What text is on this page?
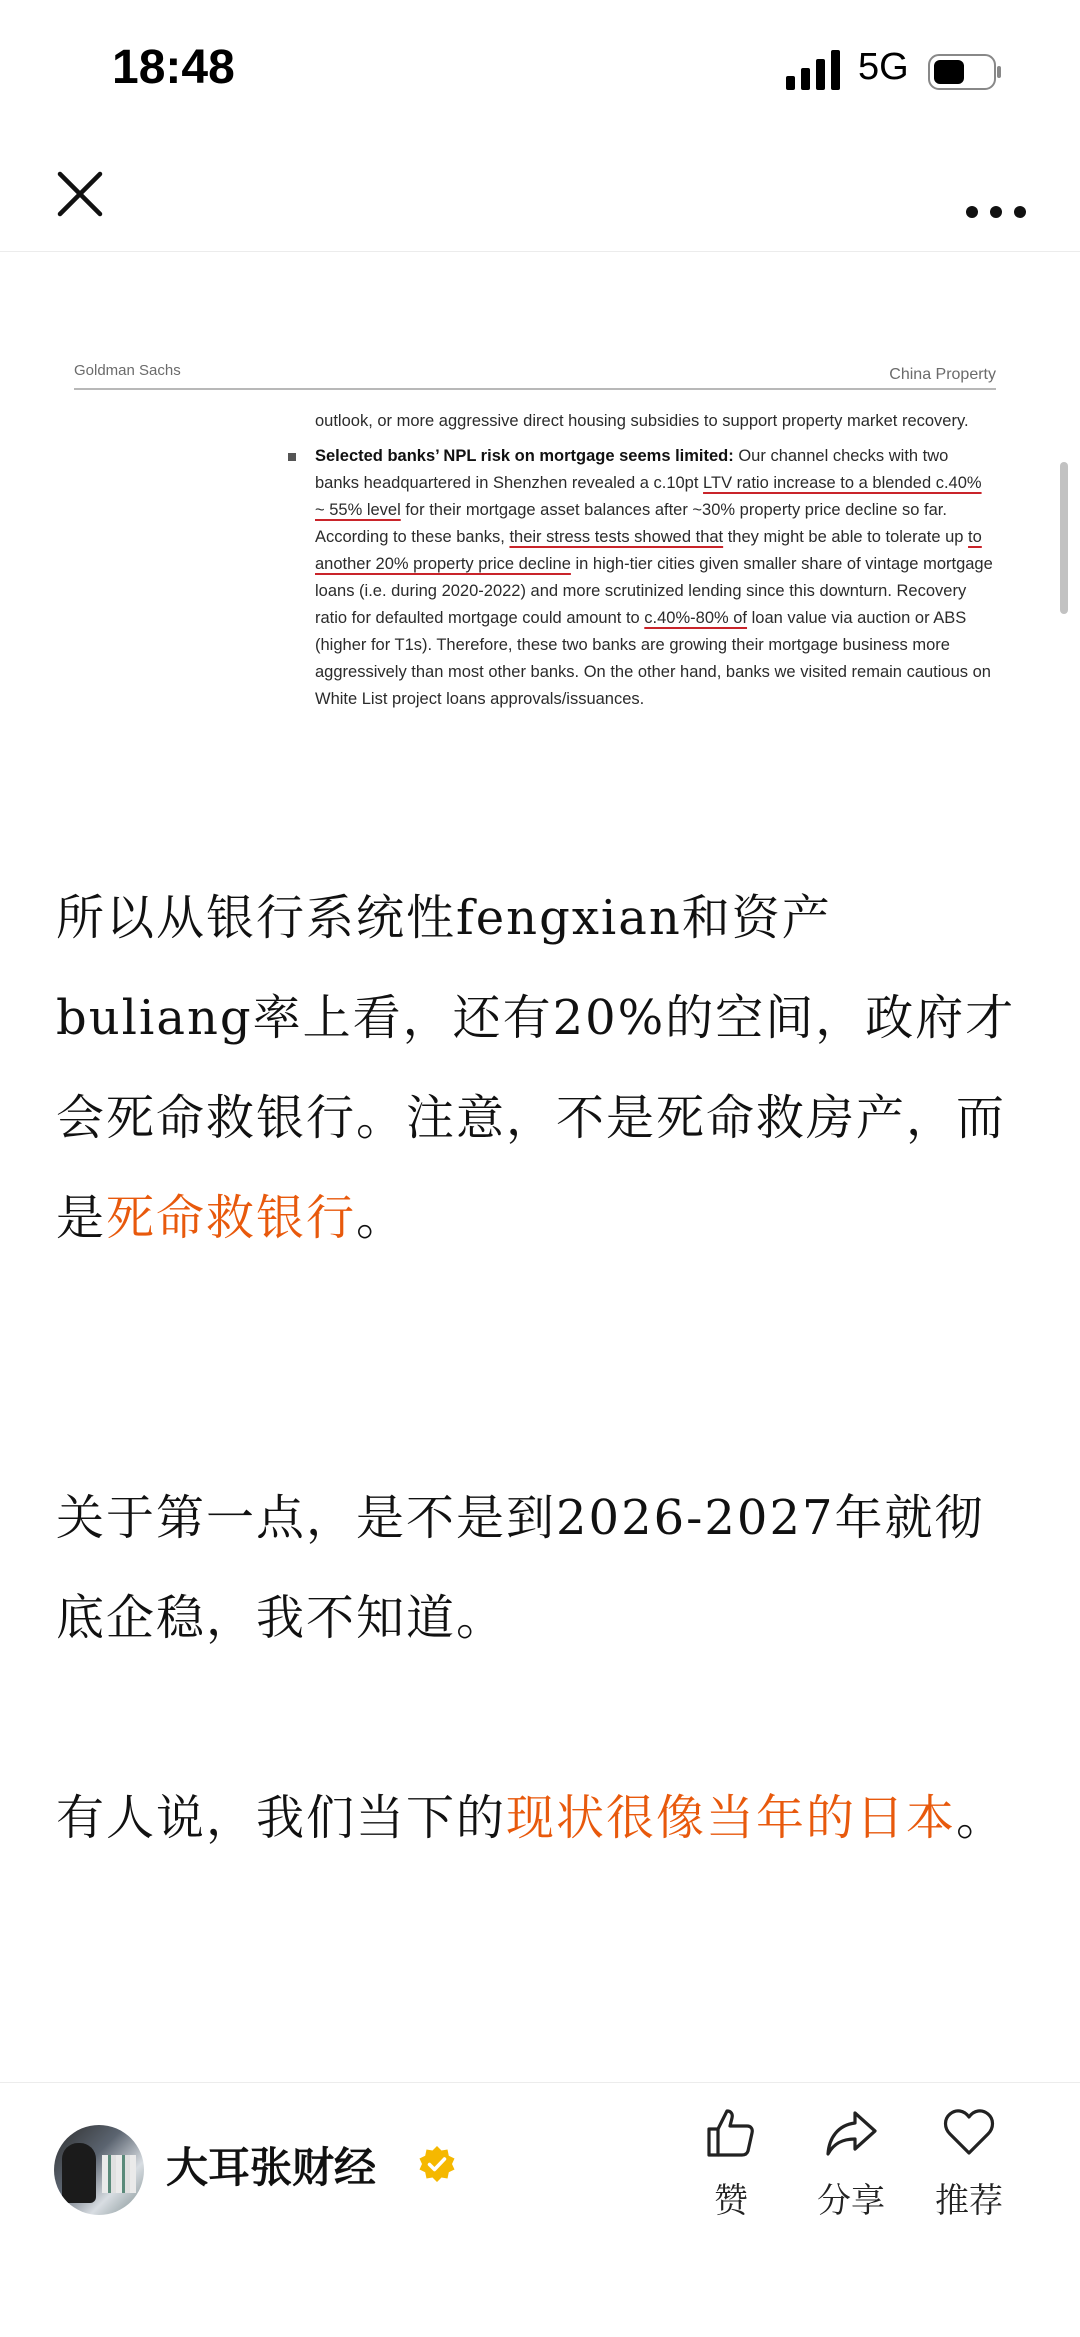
18:48	5G
Goldman Sachs	China Property

outlook, or more aggressive direct housing subsidies to support property market recovery.

Selected banks’ NPL risk on mortgage seems limited: Our channel checks with two banks headquartered in Shenzhen revealed a c.10pt LTV ratio increase to a blended c.40% ~ 55% level for their mortgage asset balances after ~30% property price decline so far. According to these banks, their stress tests showed that they might be able to tolerate up to another 20% property price decline in high-tier cities given smaller share of vintage mortgage loans (i.e. during 2020-2022) and more scrutinized lending since this downturn. Recovery ratio for defaulted mortgage could amount to c.40%-80% of loan value via auction or ABS (higher for T1s). Therefore, these two banks are growing their mortgage business more aggressively than most other banks. On the other hand, banks we visited remain cautious on White List project loans approvals/issuances.

所以从银行系统性fengxian和资产buliang率上看，还有20%的空间，政府才会死命救银行。注意，不是死命救房产，而是死命救银行。
关于第一点，是不是到2026-2027年就彻底企稳，我不知道。
有人说，我们当下的现状很像当年的日本。
大耳张财经
赞	分享	推荐
